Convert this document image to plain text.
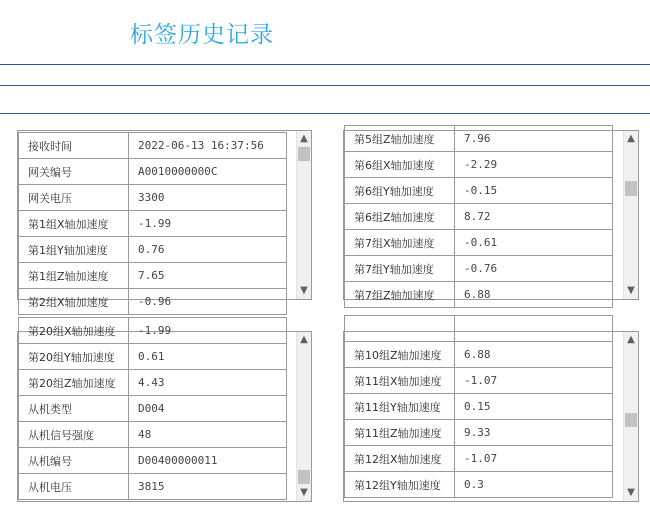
标签历史记录
接收时间	2022-06-13 16:37:56
网关编号	A0010000000C
网关电压	3300
第1组X轴加速度	-1.99
第1组Y轴加速度	0.76
第1组Z轴加速度	7.65
第2组X轴加速度	-0.96
▲
▼
第5组Z轴加速度	7.96
第6组X轴加速度	-2.29
第6组Y轴加速度	-0.15
第6组Z轴加速度	8.72
第7组X轴加速度	-0.61
第7组Y轴加速度	-0.76
第7组Z轴加速度	6.88
▲
▼
第20组X轴加速度	-1.99
第20组Y轴加速度	0.61
第20组Z轴加速度	4.43
从机类型	D004
从机信号强度	48
从机编号	D00400000011
从机电压	3815
▲
▼

第10组Z轴加速度	6.88
第11组X轴加速度	-1.07
第11组Y轴加速度	0.15
第11组Z轴加速度	9.33
第12组X轴加速度	-1.07
第12组Y轴加速度	0.3
▲
▼
